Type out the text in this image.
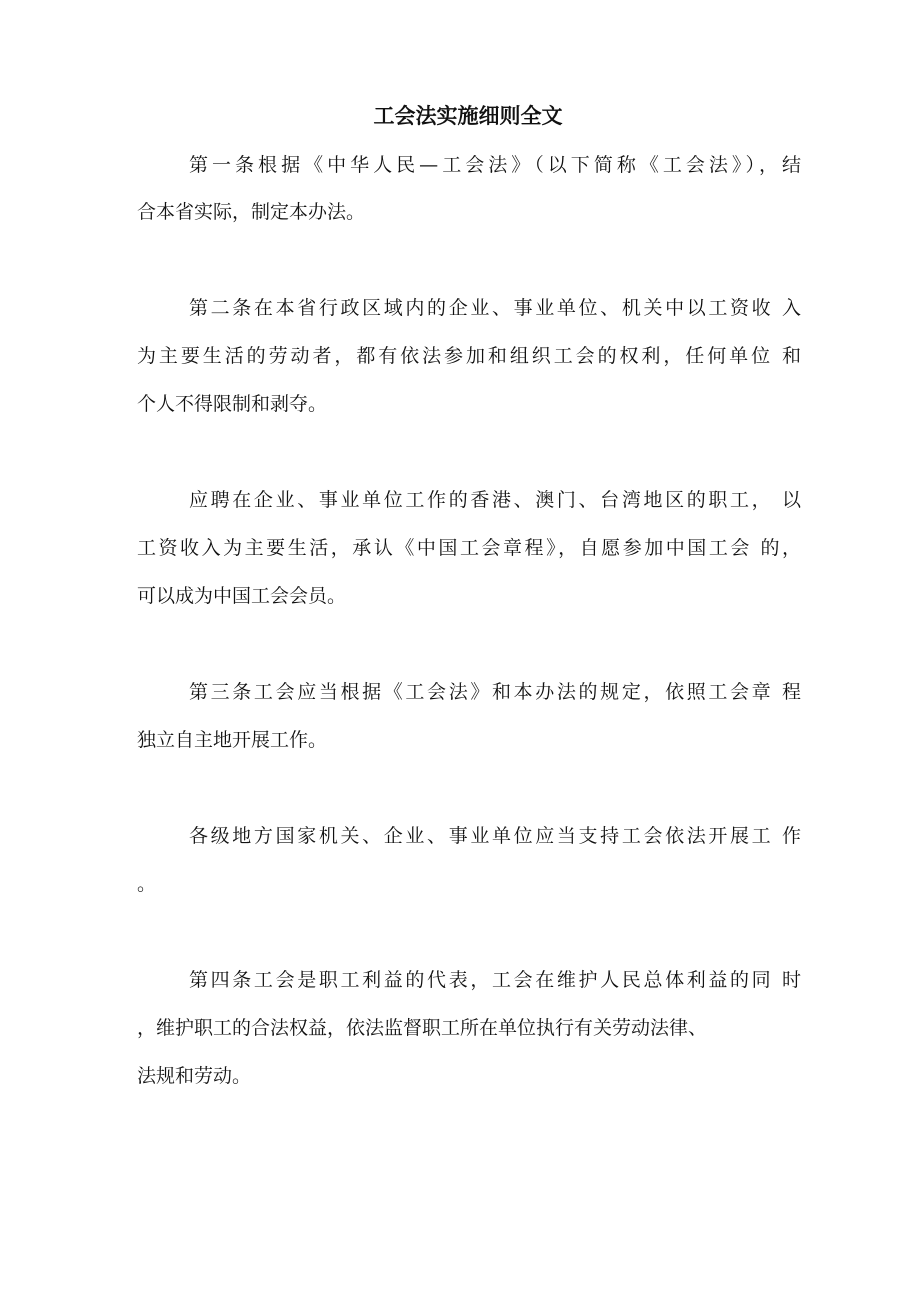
工会法实施细则全文
第一条根据《中华人民—工会法》（以下简称《工会法》），结
合本省实际，制定本办法。
第二条在本省行政区域内的企业、事业单位、机关中以工资收 入
为主要生活的劳动者，都有依法参加和组织工会的权利，任何单位 和
个人不得限制和剥夺。
应聘在企业、事业单位工作的香港、澳门、台湾地区的职工， 以
工资收入为主要生活，承认《中国工会章程》，自愿参加中国工会 的，
可以成为中国工会会员。
第三条工会应当根据《工会法》和本办法的规定，依照工会章 程
独立自主地开展工作。
各级地方国家机关、企业、事业单位应当支持工会依法开展工 作
。
第四条工会是职工利益的代表，工会在维护人民总体利益的同 时
，维护职工的合法权益，依法监督职工所在单位执行有关劳动法律、
法规和劳动。
